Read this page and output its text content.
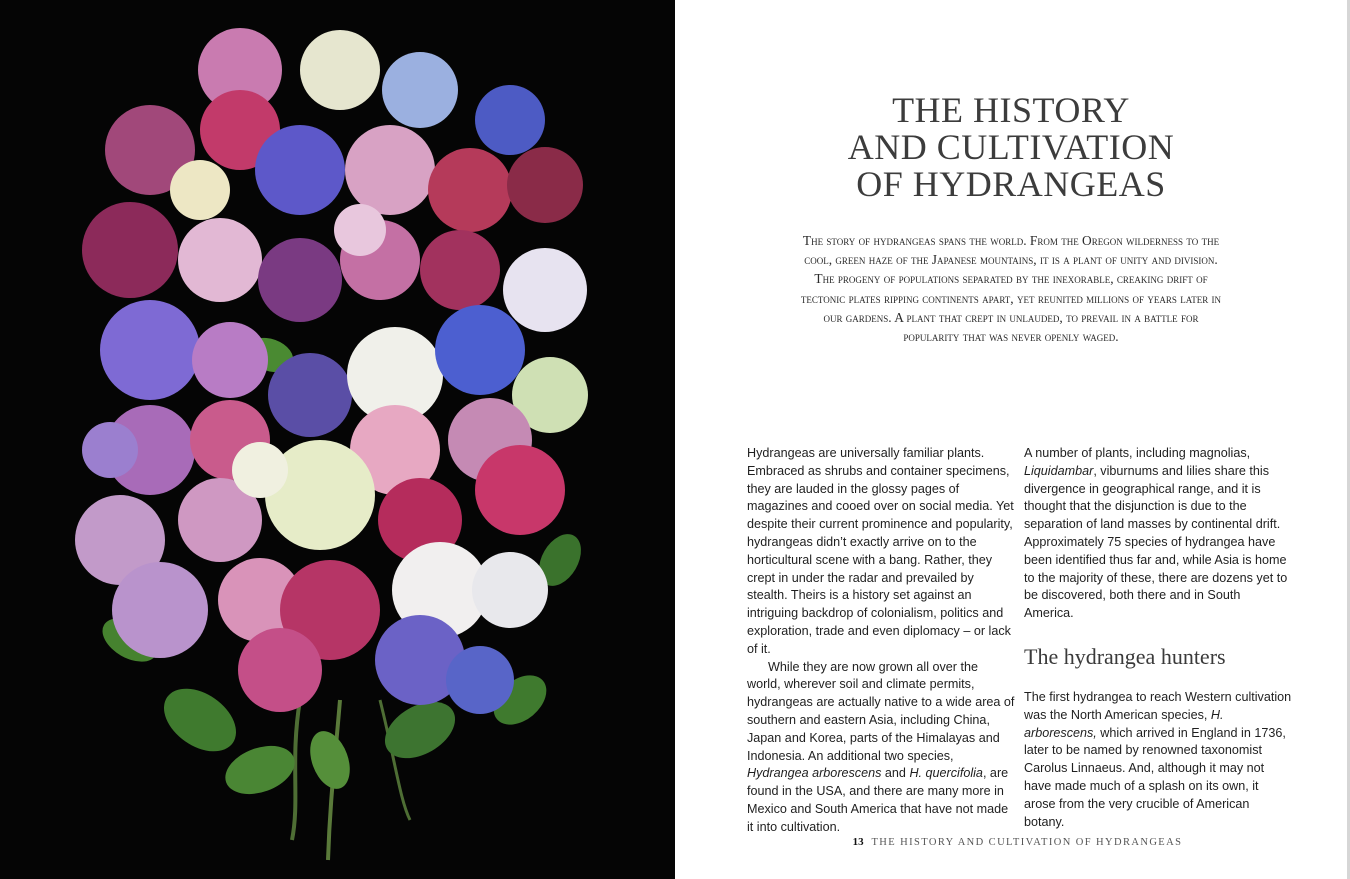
THE HISTORY
AND CULTIVATION
OF HYDRANGEAS

The story of hydrangeas spans the world. From the Oregon wilderness to the cool, green haze of the Japanese mountains, it is a plant of unity and division. The progeny of populations separated by the inexorable, creaking drift of tectonic plates ripping continents apart, yet reunited millions of years later in our gardens. A plant that crept in unlauded, to prevail in a battle for popularity that was never openly waged.

Hydrangeas are universally familiar plants. Embraced as shrubs and container specimens, they are lauded in the glossy pages of magazines and cooed over on social media. Yet despite their current prominence and popularity, hydrangeas didn’t exactly arrive on to the horticultural scene with a bang. Rather, they crept in under the radar and prevailed by stealth. Theirs is a history set against an intriguing backdrop of colonialism, politics and exploration, trade and even diplomacy – or lack of it.

While they are now grown all over the world, wherever soil and climate permits, hydrangeas are actually native to a wide area of southern and eastern Asia, including China, Japan and Korea, parts of the Himalayas and Indonesia. An additional two species, Hydrangea arborescens and H. quercifolia, are found in the USA, and there are many more in Mexico and South America that have not made it into cultivation.

A number of plants, including magnolias, Liquidambar, viburnums and lilies share this divergence in geographical range, and it is thought that the disjunction is due to the separation of land masses by continental drift. Approximately 75 species of hydrangea have been identified thus far and, while Asia is home to the majority of these, there are dozens yet to be discovered, both there and in South America.

The hydrangea hunters

The first hydrangea to reach Western cultivation was the North American species, H. arborescens, which arrived in England in 1736, later to be named by renowned taxonomist Carolus Linnaeus. And, although it may not have made much of a splash on its own, it arose from the very crucible of American botany.

13 THE HISTORY AND CULTIVATION OF HYDRANGEAS
